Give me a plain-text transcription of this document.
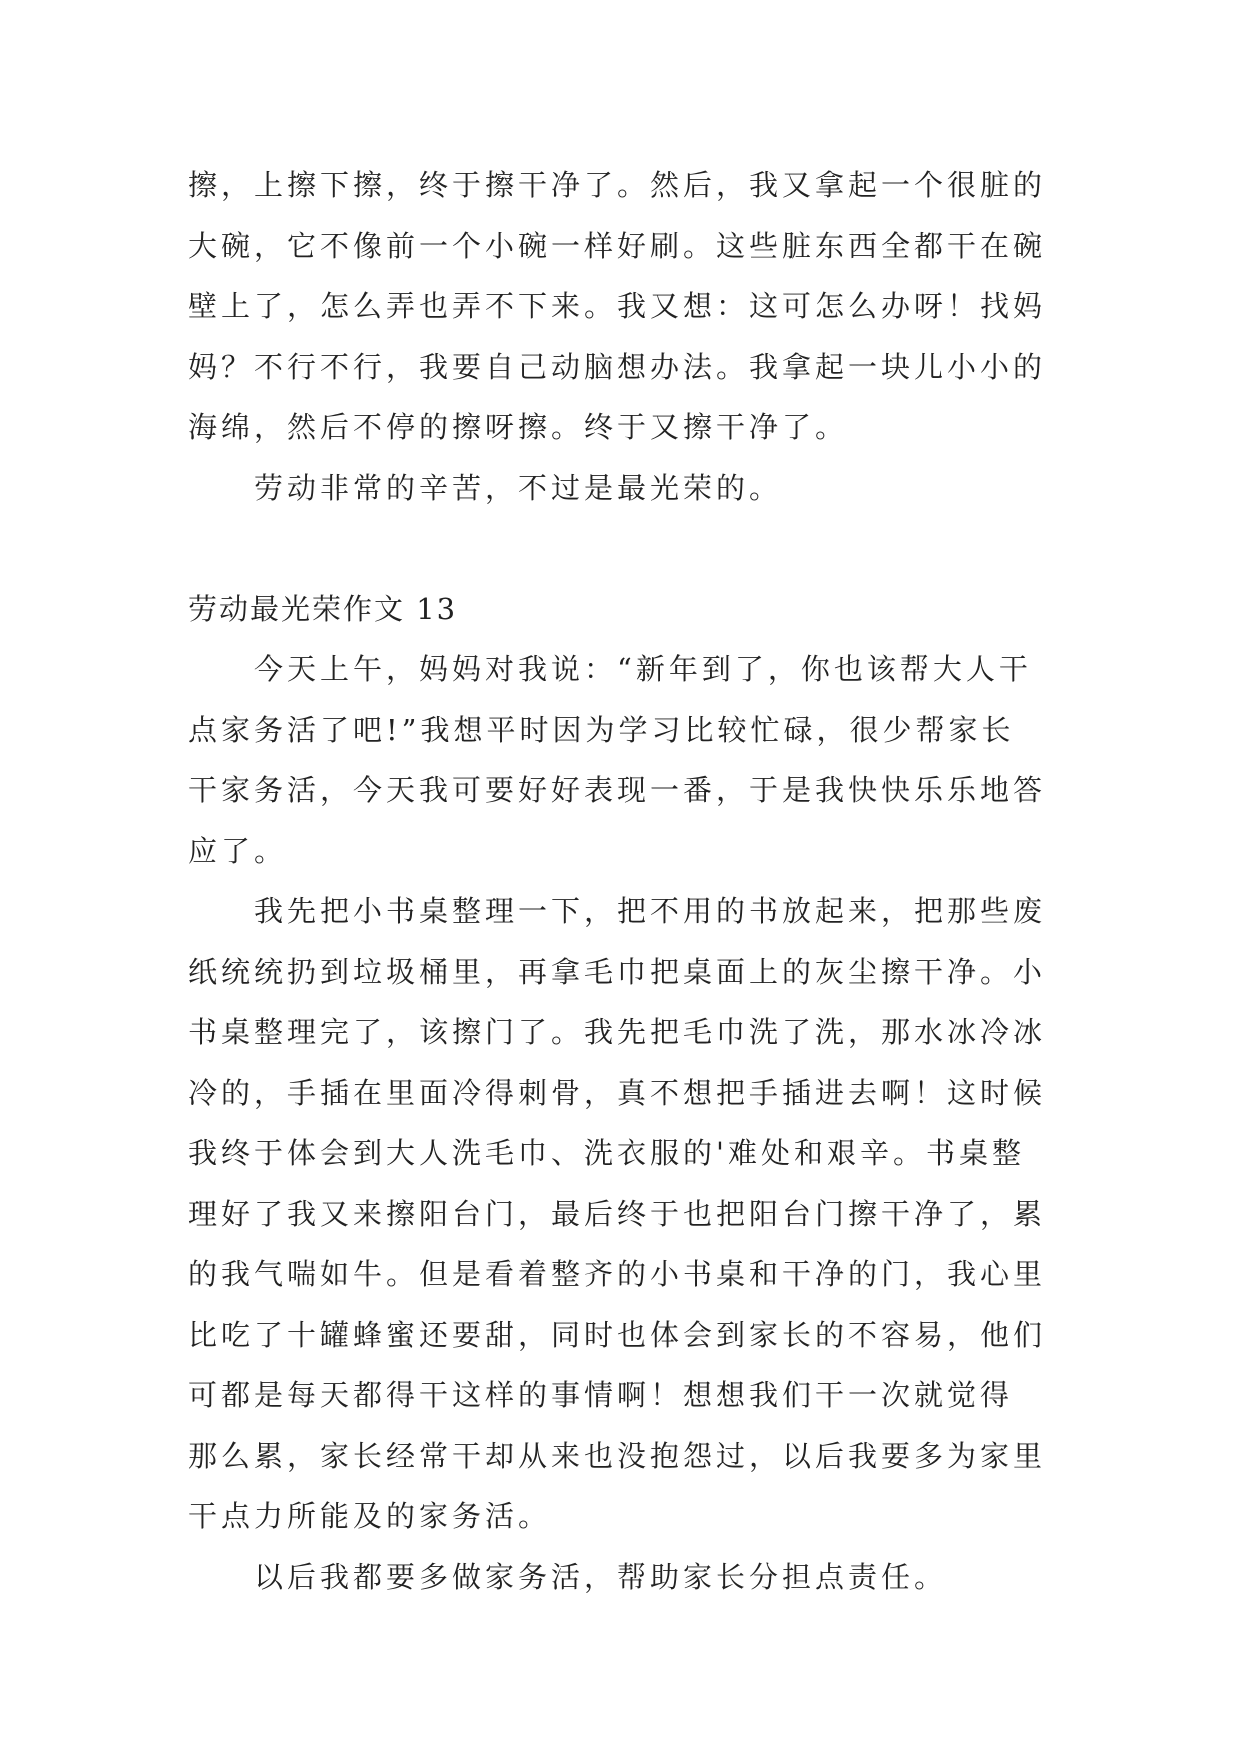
擦，上擦下擦，终于擦干净了。然后，我又拿起一个很脏的
大碗，它不像前一个小碗一样好刷。这些脏东西全都干在碗
壁上了，怎么弄也弄不下来。我又想：这可怎么办呀！找妈
妈？不行不行，我要自己动脑想办法。我拿起一块儿小小的
海绵，然后不停的擦呀擦。终于又擦干净了。
劳动非常的辛苦，不过是最光荣的。
劳动最光荣作文 13
今天上午，妈妈对我说：“新年到了，你也该帮大人干
点家务活了吧!”我想平时因为学习比较忙碌，很少帮家长
干家务活，今天我可要好好表现一番，于是我快快乐乐地答
应了。
我先把小书桌整理一下，把不用的书放起来，把那些废
纸统统扔到垃圾桶里，再拿毛巾把桌面上的灰尘擦干净。小
书桌整理完了，该擦门了。我先把毛巾洗了洗，那水冰冷冰
冷的，手插在里面冷得刺骨，真不想把手插进去啊！这时候
我终于体会到大人洗毛巾、洗衣服的'难处和艰辛。书桌整
理好了我又来擦阳台门，最后终于也把阳台门擦干净了，累
的我气喘如牛。但是看着整齐的小书桌和干净的门，我心里
比吃了十罐蜂蜜还要甜，同时也体会到家长的不容易，他们
可都是每天都得干这样的事情啊！想想我们干一次就觉得
那么累，家长经常干却从来也没抱怨过，以后我要多为家里
干点力所能及的家务活。
以后我都要多做家务活，帮助家长分担点责任。
